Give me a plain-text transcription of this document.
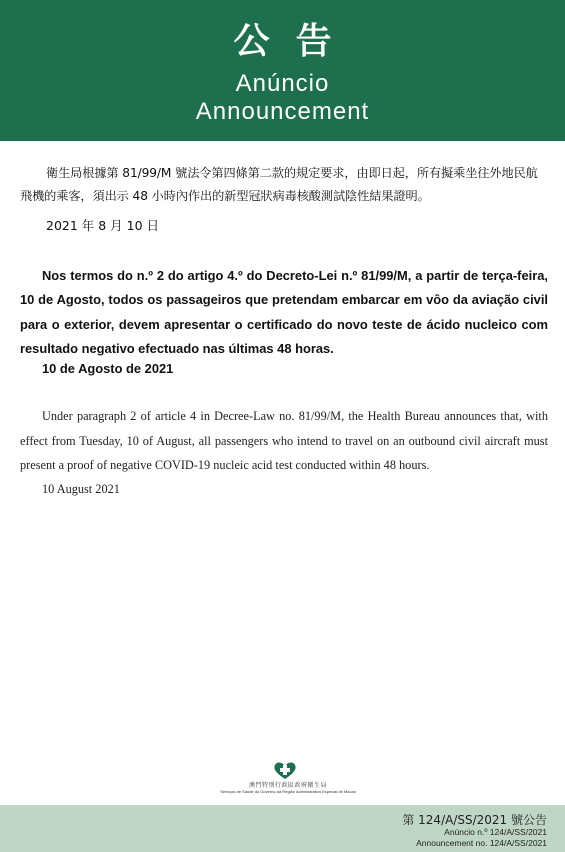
公告
Anúncio
Announcement

衛生局根據第 81/99/M 號法令第四條第二款的規定要求，由即日起，所有擬乘坐往外地民航飛機的乘客，須出示 48 小時內作出的新型冠狀病毒核酸測試陰性結果證明。

2021 年 8 月 10 日

Nos termos do n.º 2 do artigo 4.º do Decreto-Lei n.º 81/99/M, a partir de terça-feira, 10 de Agosto, todos os passageiros que pretendam embarcar em vôo da aviação civil para o exterior, devem apresentar o certificado do novo teste de ácido nucleico com resultado negativo efectuado nas últimas 48 horas.

10 de Agosto de 2021

Under paragraph 2 of article 4 in Decree-Law no. 81/99/M, the Health Bureau announces that, with effect from Tuesday, 10 of August, all passengers who intend to travel on an outbound civil aircraft must present a proof of negative COVID-19 nucleic acid test conducted within 48 hours.

10 August 2021
澳門特別行政區政府衛生局
Serviços de Saúde do Governo da Região Administrativa Especial de Macau
第 124/A/SS/2021 號公告
Anúncio n.º 124/A/SS/2021
Announcement no. 124/A/SS/2021
